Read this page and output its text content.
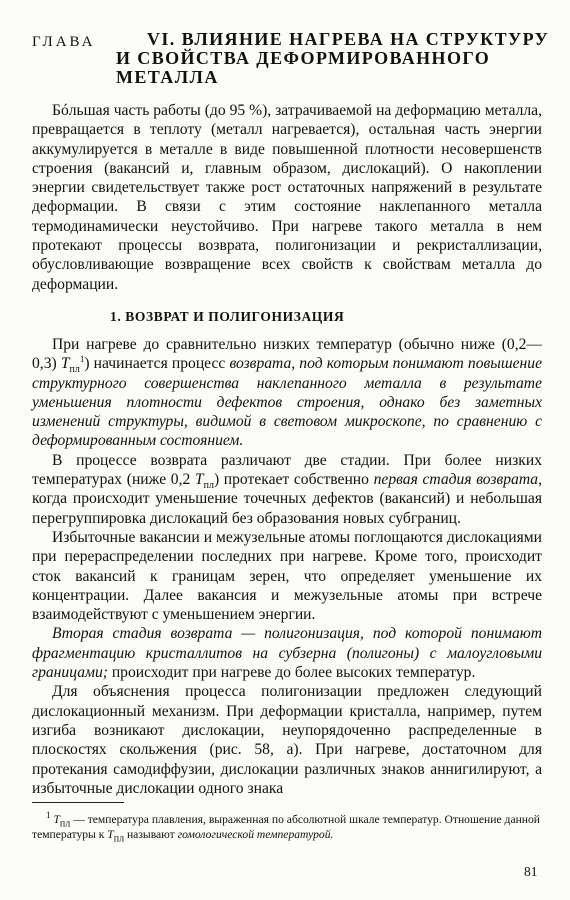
ГЛАВА	VI. ВЛИЯНИЕ НАГРЕВА НА СТРУКТУРУ И СВОЙСТВА ДЕФОРМИРОВАННОГО МЕТАЛЛА

Бóльшая часть работы (до 95 %), затрачиваемой на деформацию металла, превращается в теплоту (металл нагревается), остальная часть энергии аккумулируется в металле в виде повышенной плотности несовершенств строения (вакансий и, главным образом, дислокаций). О накоплении энергии свидетельствует также рост остаточных напряжений в результате деформации. В связи с этим состояние наклепанного металла термодинамически неустойчиво. При нагреве такого металла в нем протекают процессы возврата, полигонизации и рекристаллизации, обусловливающие возвращение всех свойств к свойствам металла до деформации.

1. ВОЗВРАТ И ПОЛИГОНИЗАЦИЯ

При нагреве до сравнительно низких температур (обычно ниже (0,2—0,3) $T_{пл}^1$) начинается процесс возврата, под которым понимают повышение структурного совершенства наклепанного металла в результате уменьшения плотности дефектов строения, однако без заметных изменений структуры, видимой в световом микроскопе, по сравнению с деформированным состоянием.

В процессе возврата различают две стадии. При более низких температурах (ниже 0,2 $T_{пл}$) протекает собственно первая стадия возврата, когда происходит уменьшение точечных дефектов (вакансий) и небольшая перегруппировка дислокаций без образования новых субграниц.

Избыточные вакансии и межузельные атомы поглощаются дислокациями при перераспределении последних при нагреве. Кроме того, происходит сток вакансий к границам зерен, что определяет уменьшение их концентрации. Далее вакансия и межузельные атомы при встрече взаимодействуют с уменьшением энергии.

Вторая стадия возврата — полигонизация, под которой понимают фрагментацию кристаллитов на субзерна (полигоны) с малоугловыми границами; происходит при нагреве до более высоких температур.

Для объяснения процесса полигонизации предложен следующий дислокационный механизм. При деформации кристалла, например, путем изгиба возникают дислокации, неупорядоченно распределенные в плоскостях скольжения (рис. 58, а). При нагреве, достаточном для протекания самодиффузии, дислокации различных знаков аннигилируют, а избыточные дислокации одного знака

$^1$ $T_{пл}$ — температура плавления, выраженная по абсолютной шкале температур. Отношение данной температуры к $T_{пл}$ называют гомологической температурой.
81
